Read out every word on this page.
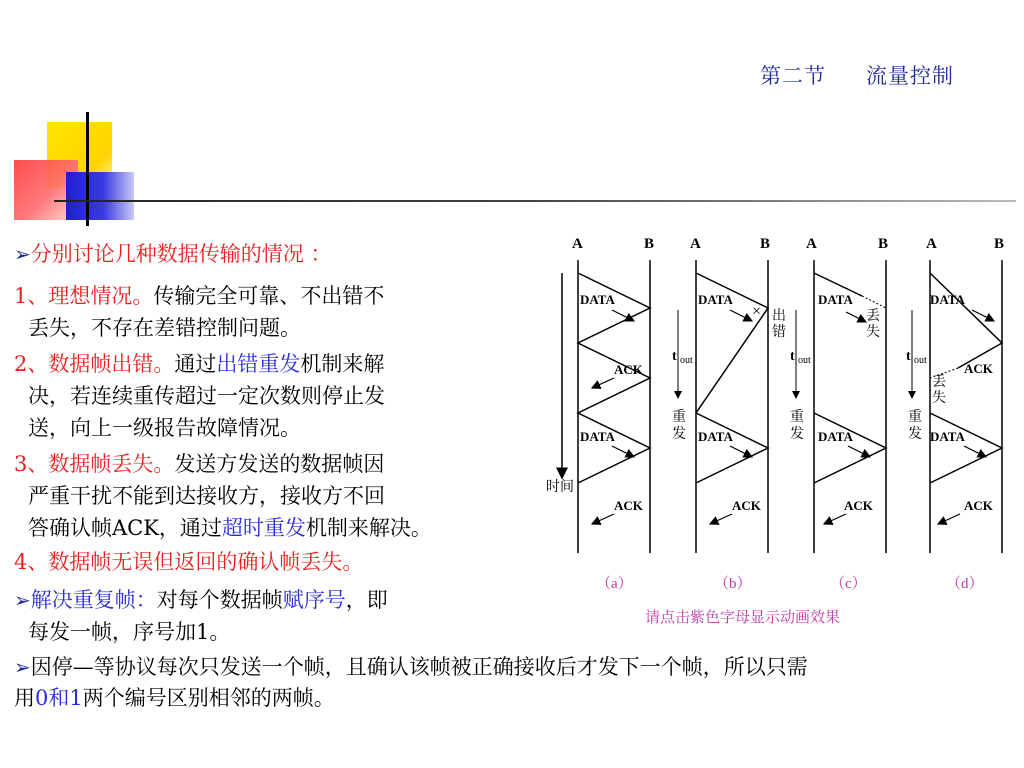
第二节 流量控制
➢分别讨论几种数据传输的情况 ：
1、理想情况。传输完全可靠、不出错不
丢失，不存在差错控制问题。
2、数据帧出错。通过出错重发机制来解
决，若连续重传超过一定次数则停止发
送，向上一级报告故障情况。
3、数据帧丢失。发送方发送的数据帧因
严重干扰不能到达接收方，接收方不回
答确认帧ACK，通过超时重发机制来解决。
4、数据帧无误但返回的确认帧丢失。
➢解决重复帧：对每个数据帧赋序号，即
每发一帧，序号加1。
➢因停—等协议每次只发送一个帧，且确认该帧被正确接收后才发下一个帧，所以只需
用0和1两个编号区别相邻的两帧。
时间
A	B
DATA
ACK
DATA
ACK
A	B
DATA
× 出
错
t out
重
发 DATA
ACK
A	B
DATA
丢
失
t out
重
发 DATA
ACK
A	B
DATA
ACK
丢
失
t out
重
发 DATA
ACK
（a）	（b）	（c）	（d）
请点击紫色字母显示动画效果
